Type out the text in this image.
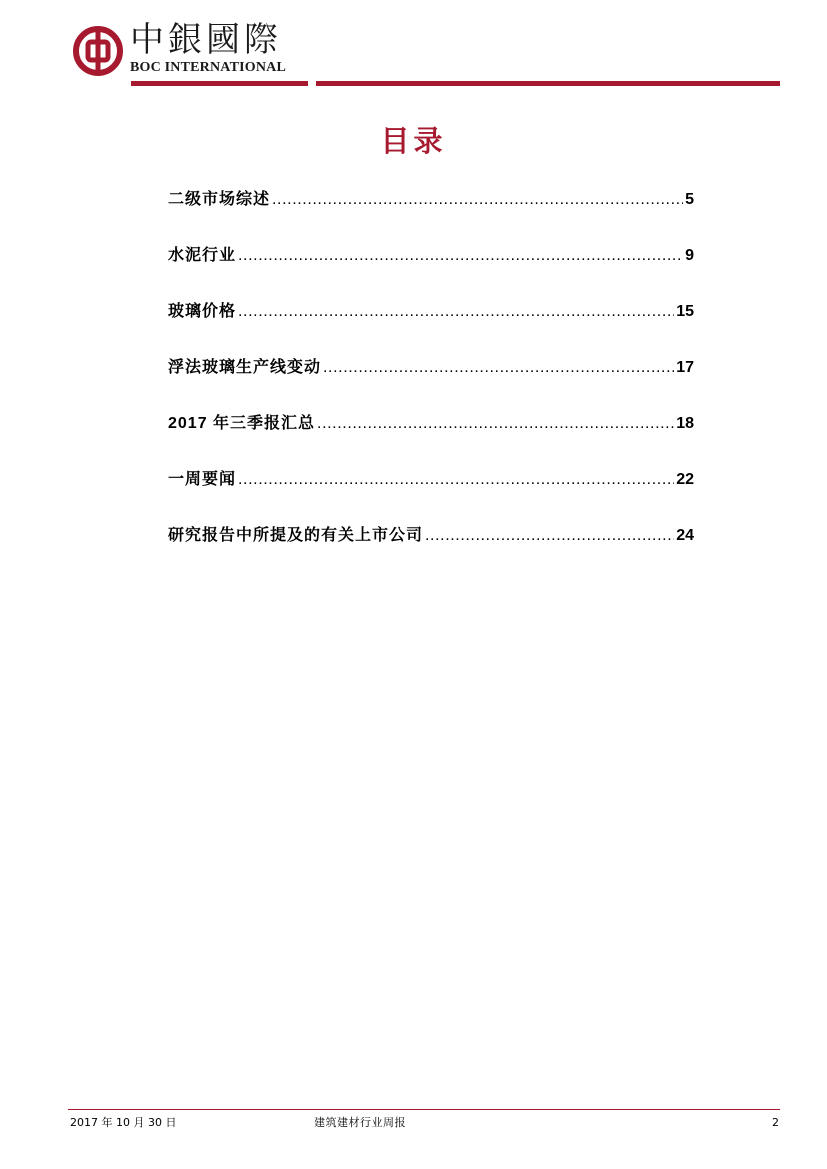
中銀國際
BOC INTERNATIONAL
目录
二级市场综述 .....	5
水泥行业 .....	9
玻璃价格 .....	15
浮法玻璃生产线变动 .....	17
2017 年三季报汇总 .....	18
一周要闻 .....	22
研究报告中所提及的有关上市公司 .....	24
2017 年 10 月 30 日	建筑建材行业周报	2
